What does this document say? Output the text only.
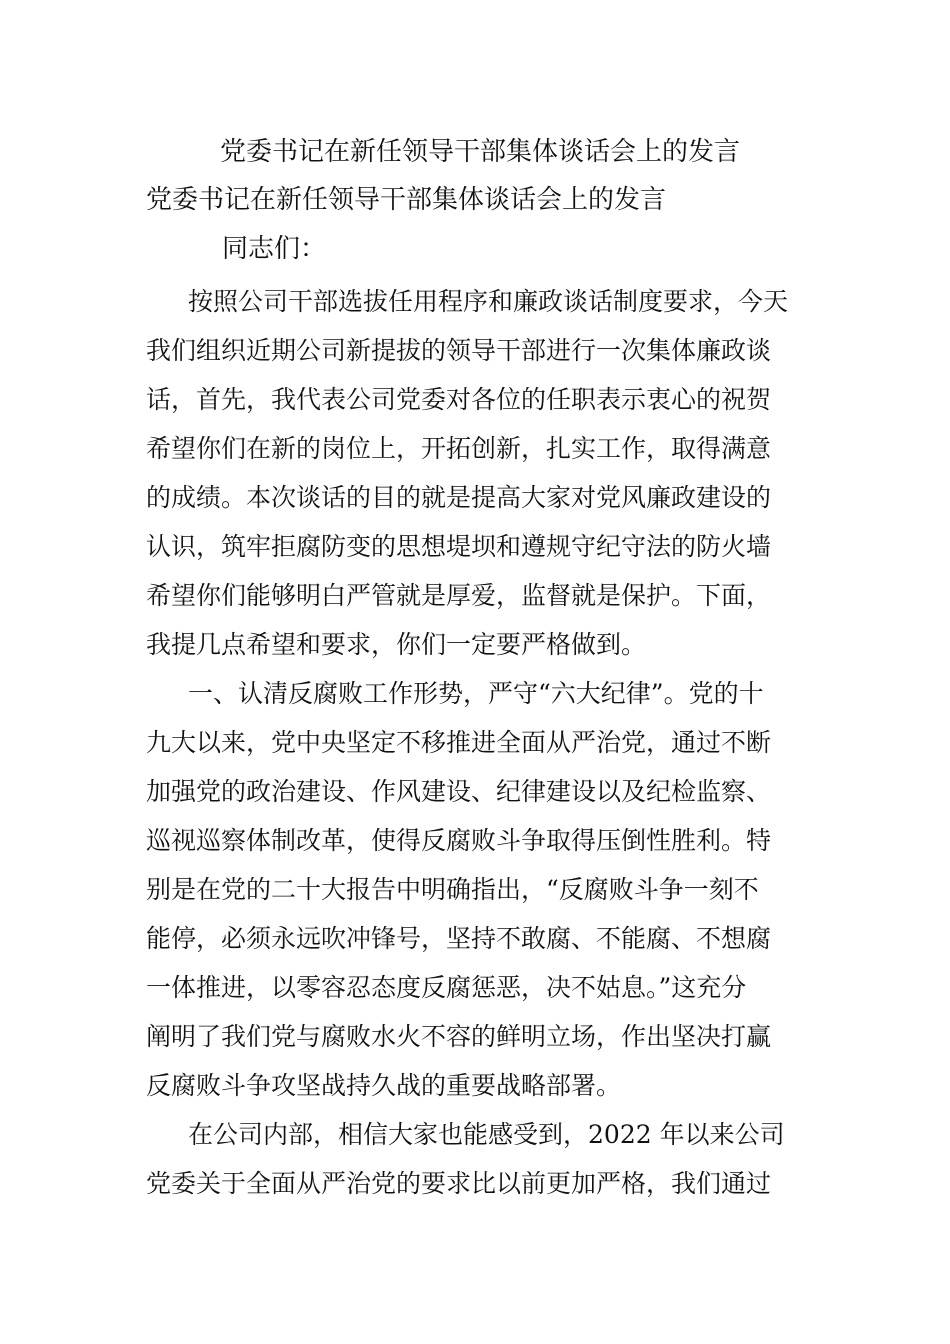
党委书记在新任领导干部集体谈话会上的发言
党委书记在新任领导干部集体谈话会上的发言

同志们：

按照公司干部选拔任用程序和廉政谈话制度要求，今天
我们组织近期公司新提拔的领导干部进行一次集体廉政谈
话，首先，我代表公司党委对各位的任职表示衷心的祝贺
希望你们在新的岗位上，开拓创新，扎实工作，取得满意
的成绩。本次谈话的目的就是提高大家对党风廉政建设的
认识，筑牢拒腐防变的思想堤坝和遵规守纪守法的防火墙
希望你们能够明白严管就是厚爱，监督就是保护。下面，
我提几点希望和要求，你们一定要严格做到。
一、认清反腐败工作形势，严守“六大纪律”。党的十
九大以来，党中央坚定不移推进全面从严治党，通过不断
加强党的政治建设、作风建设、纪律建设以及纪检监察、
巡视巡察体制改革，使得反腐败斗争取得压倒性胜利。特
别是在党的二十大报告中明确指出，“反腐败斗争一刻不
能停，必须永远吹冲锋号，坚持不敢腐、不能腐、不想腐
一体推进，以零容忍态度反腐惩恶，决不姑息。”这充分
阐明了我们党与腐败水火不容的鲜明立场，作出坚决打赢
反腐败斗争攻坚战持久战的重要战略部署。
在公司内部，相信大家也能感受到，2022 年以来公司
党委关于全面从严治党的要求比以前更加严格，我们通过
